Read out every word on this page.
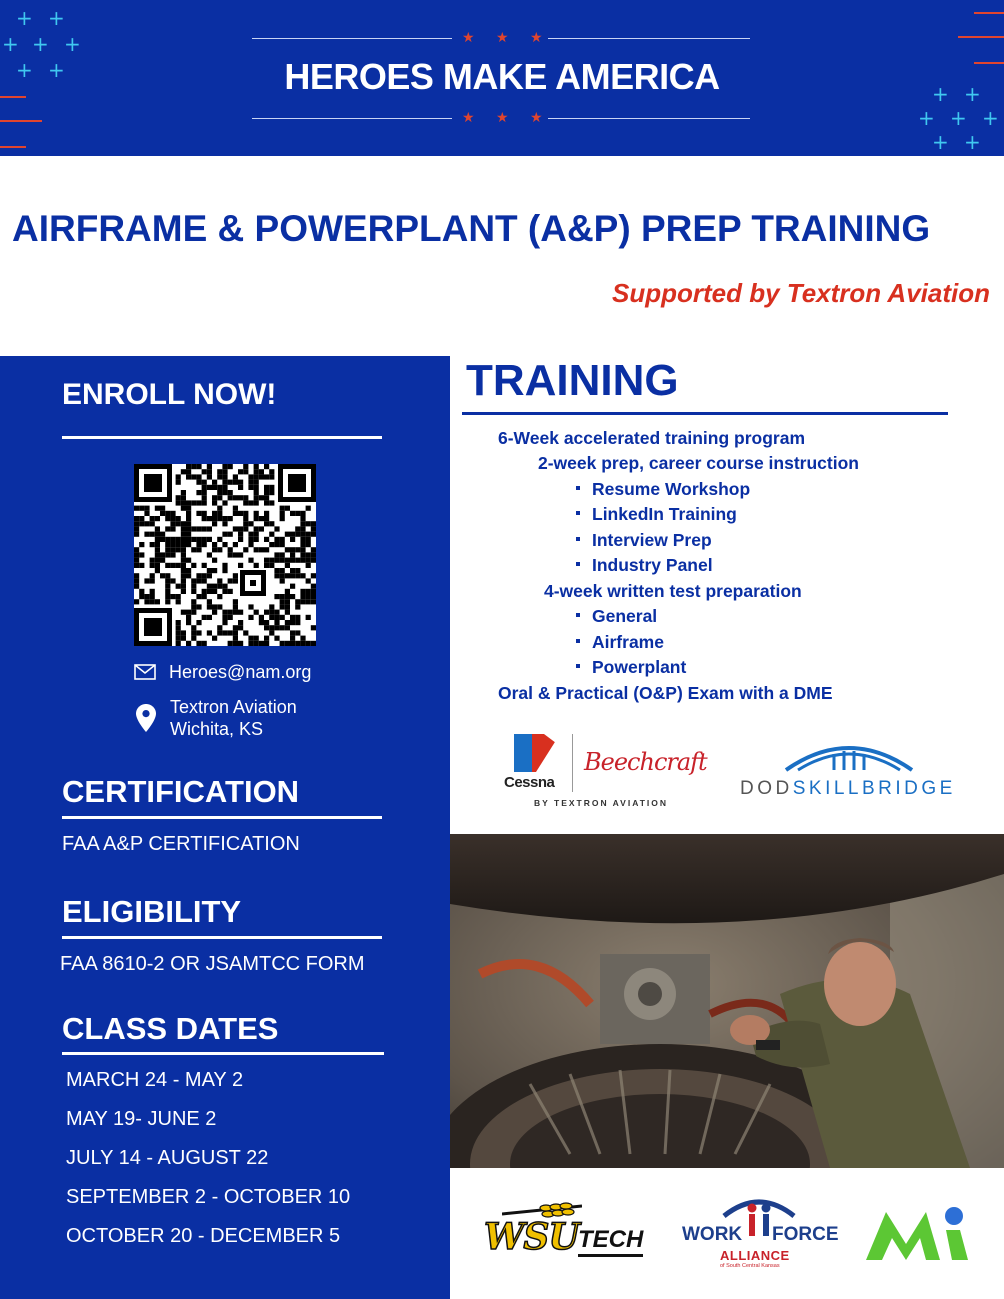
+ +
+ + +
+ +
+ +
+ + +
+ +
★ ★ ★
HEROES MAKE AMERICA
★ ★ ★
AIRFRAME & POWERPLANT (A&P) PREP TRAINING
Supported by Textron Aviation
ENROLL NOW!
Heroes@nam.org
Textron Aviation
Wichita, KS
CERTIFICATION
FAA A&P CERTIFICATION
ELIGIBILITY
FAA 8610-2 OR JSAMTCC FORM
CLASS DATES
MARCH 24 - MAY 2
MAY 19- JUNE 2
JULY 14 - AUGUST 22
SEPTEMBER 2 - OCTOBER 10
OCTOBER 20 - DECEMBER 5
TRAINING
6-Week accelerated training program
2-week prep, career course instruction
Resume Workshop
LinkedIn Training
Interview Prep
Industry Panel
4-week written test preparation
General
Airframe
Powerplant
Oral & Practical (O&P) Exam with a DME
Cessna
Beechcraft
BY TEXTRON AVIATION
DODSKILLBRIDGE
WSU TECH WORK FORCE
ALLIANCE
of South Central Kansas
